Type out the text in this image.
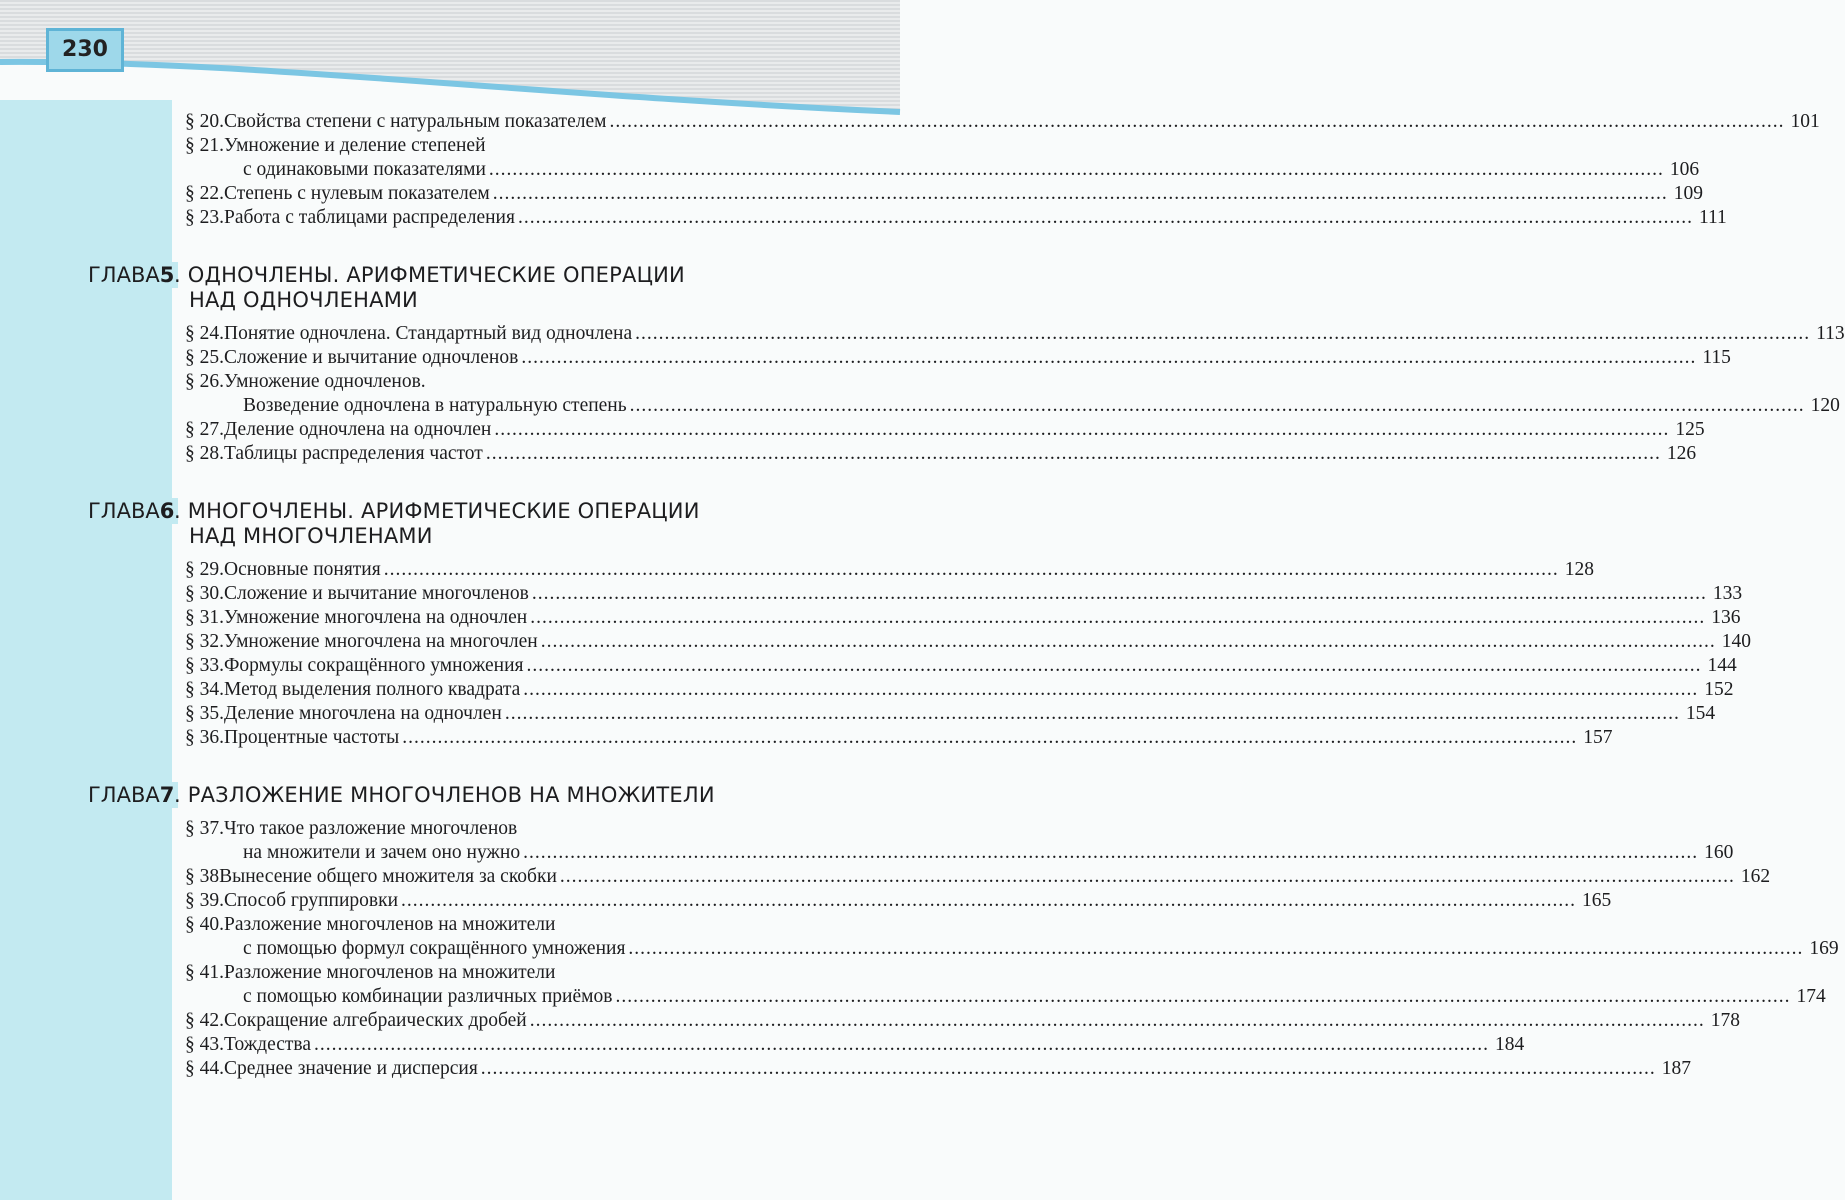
230
§ 20. Свойства степени с натуральным показателем ........................................................................................................................................................................................................ 101
§ 21. Умножение и деление степеней
с одинаковыми показателями ........................................................................................................................................................................................................ 106
§ 22. Степень с нулевым показателем ........................................................................................................................................................................................................ 109
§ 23. Работа с таблицами распределения ........................................................................................................................................................................................................ 111
ГЛАВА5 . ОДНОЧЛЕНЫ. АРИФМЕТИЧЕСКИЕ ОПЕРАЦИИ
НАД ОДНОЧЛЕНАМИ
§ 24. Понятие одночлена. Стандартный вид одночлена ........................................................................................................................................................................................................ 113
§ 25. Сложение и вычитание одночленов ........................................................................................................................................................................................................ 115
§ 26. Умножение одночленов.
Возведение одночлена в натуральную степень ........................................................................................................................................................................................................ 120
§ 27. Деление одночлена на одночлен ........................................................................................................................................................................................................ 125
§ 28. Таблицы распределения частот ........................................................................................................................................................................................................ 126
ГЛАВА6 . МНОГОЧЛЕНЫ. АРИФМЕТИЧЕСКИЕ ОПЕРАЦИИ
НАД МНОГОЧЛЕНАМИ
§ 29. Основные понятия ........................................................................................................................................................................................................ 128
§ 30. Сложение и вычитание многочленов ........................................................................................................................................................................................................ 133
§ 31. Умножение многочлена на одночлен ........................................................................................................................................................................................................ 136
§ 32. Умножение многочлена на многочлен ........................................................................................................................................................................................................ 140
§ 33. Формулы сокращённого умножения ........................................................................................................................................................................................................ 144
§ 34. Метод выделения полного квадрата ........................................................................................................................................................................................................ 152
§ 35. Деление многочлена на одночлен ........................................................................................................................................................................................................ 154
§ 36. Процентные частоты ........................................................................................................................................................................................................ 157
ГЛАВА7 . РАЗЛОЖЕНИЕ МНОГОЧЛЕНОВ НА МНОЖИТЕЛИ
§ 37. Что такое разложение многочленов
на множители и зачем оно нужно ........................................................................................................................................................................................................ 160
§ 38 Вынесение общего множителя за скобки ........................................................................................................................................................................................................ 162
§ 39. Способ группировки ........................................................................................................................................................................................................ 165
§ 40. Разложение многочленов на множители
с помощью формул сокращённого умножения ........................................................................................................................................................................................................ 169
§ 41. Разложение многочленов на множители
с помощью комбинации различных приёмов ........................................................................................................................................................................................................ 174
§ 42. Сокращение алгебраических дробей ........................................................................................................................................................................................................ 178
§ 43. Тождества ........................................................................................................................................................................................................ 184
§ 44. Среднее значение и дисперсия ........................................................................................................................................................................................................ 187
